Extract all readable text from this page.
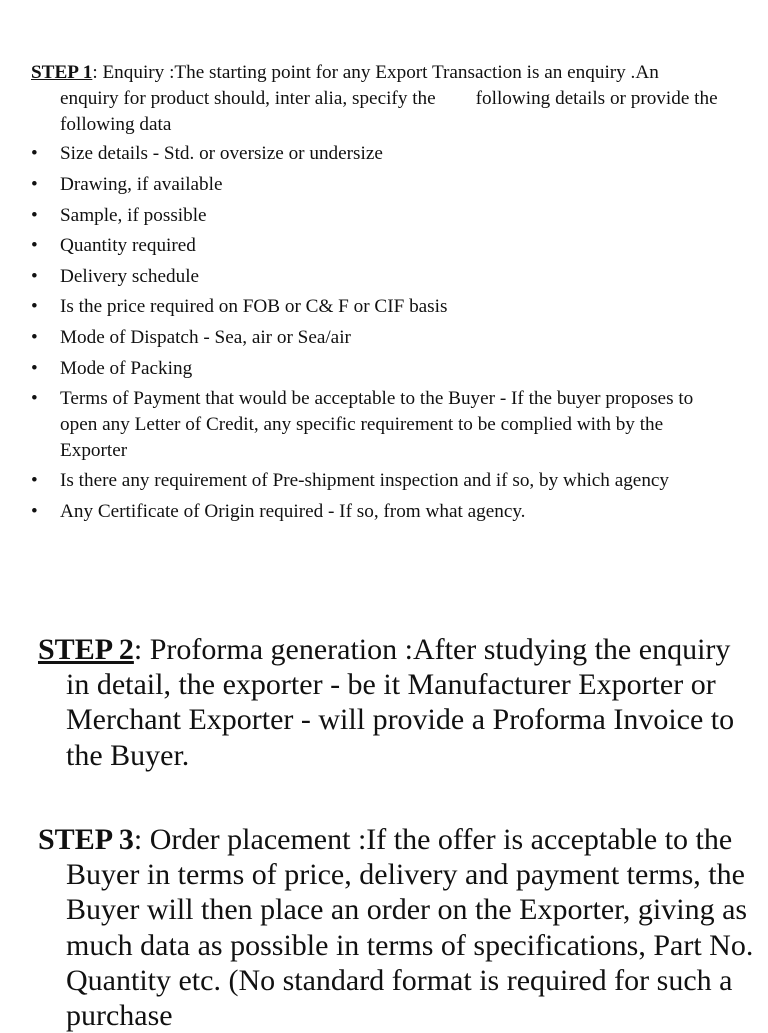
STEP 1: Enquiry :The starting point for any Export Transaction is an enquiry .An enquiry for product should, inter alia, specify the following details or provide the following data

• Size details - Std. or oversize or undersize
• Drawing, if available
• Sample, if possible
• Quantity required
• Delivery schedule
• Is the price required on FOB or C& F or CIF basis
• Mode of Dispatch - Sea, air or Sea/air
• Mode of Packing
• Terms of Payment that would be acceptable to the Buyer - If the buyer proposes to open any Letter of Credit, any specific requirement to be complied with by the Exporter
• Is there any requirement of Pre-shipment inspection and if so, by which agency
• Any Certificate of Origin required - If so, from what agency.
STEP 2: Proforma generation :After studying the enquiry in detail, the exporter - be it Manufacturer Exporter or Merchant Exporter - will provide a Proforma Invoice to the Buyer.
STEP 3: Order placement :If the offer is acceptable to the Buyer in terms of price, delivery and payment terms, the Buyer will then place an order on the Exporter, giving as much data as possible in terms of specifications, Part No. Quantity etc. (No standard format is required for such a purchase
